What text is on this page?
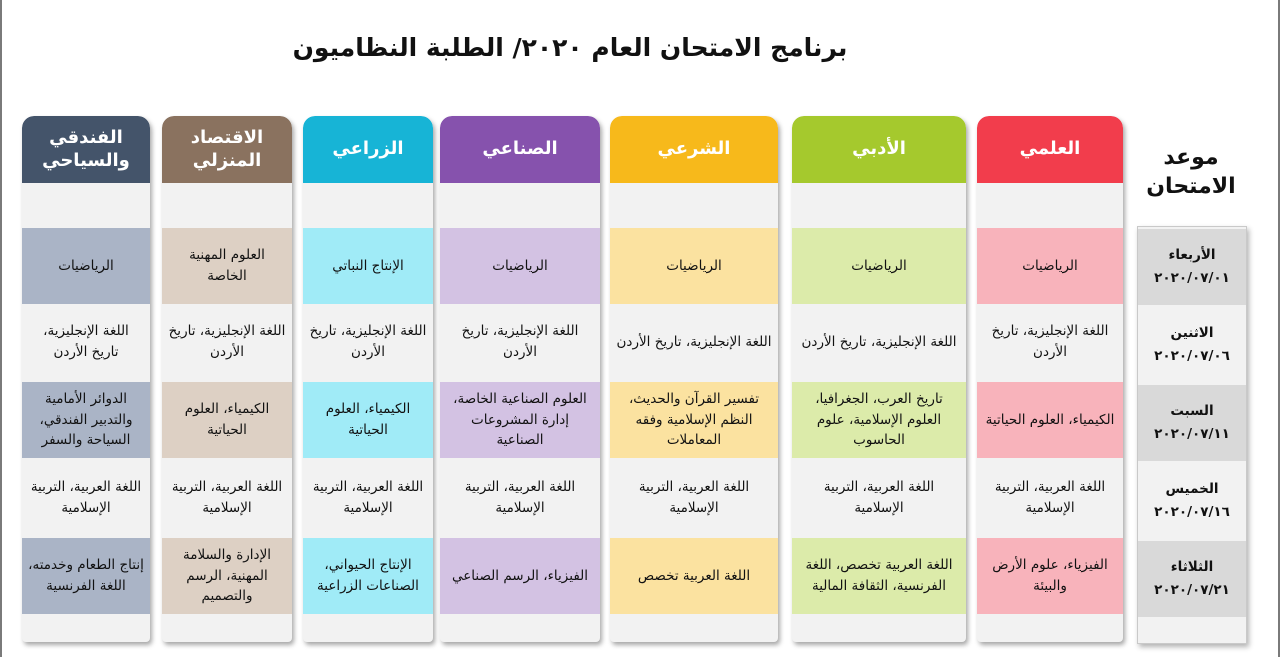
برنامج الامتحان العام ٢٠٢٠/ الطلبة النظاميون
موعد الامتحان
الأربعاء
٢٠٢٠/٠٧/٠١
الاثنين
٢٠٢٠/٠٧/٠٦
السبت
٢٠٢٠/٠٧/١١
الخميس
٢٠٢٠/٠٧/١٦
الثلاثاء
٢٠٢٠/٠٧/٢١
العلمي
الرياضيات
اللغة الإنجليزية، تاريخ الأردن
الكيمياء، العلوم الحياتية
اللغة العربية، التربية الإسلامية
الفيزياء، علوم الأرض والبيئة
الأدبي
الرياضيات
اللغة الإنجليزية، تاريخ الأردن
تاريخ العرب، الجغرافيا، العلوم الإسلامية، علوم الحاسوب
اللغة العربية، التربية الإسلامية
اللغة العربية تخصص، اللغة الفرنسية، الثقافة المالية
الشرعي
الرياضيات
اللغة الإنجليزية، تاريخ الأردن
تفسير القرآن والحديث، النظم الإسلامية وفقه المعاملات
اللغة العربية، التربية الإسلامية
اللغة العربية تخصص
الصناعي
الرياضيات
اللغة الإنجليزية، تاريخ الأردن
العلوم الصناعية الخاصة، إدارة المشروعات الصناعية
اللغة العربية، التربية الإسلامية
الفيزياء، الرسم الصناعي
الزراعي
الإنتاج النباتي
اللغة الإنجليزية، تاريخ الأردن
الكيمياء، العلوم الحياتية
اللغة العربية، التربية الإسلامية
الإنتاج الحيواني، الصناعات الزراعية
الاقتصاد المنزلي
العلوم المهنية الخاصة
اللغة الإنجليزية، تاريخ الأردن
الكيمياء، العلوم الحياتية
اللغة العربية، التربية الإسلامية
الإدارة والسلامة المهنية، الرسم والتصميم
الفندقي والسياحي
الرياضيات
اللغة الإنجليزية، تاريخ الأردن
الدوائر الأمامية والتدبير الفندقي، السياحة والسفر
اللغة العربية، التربية الإسلامية
إنتاج الطعام وخدمته، اللغة الفرنسية
